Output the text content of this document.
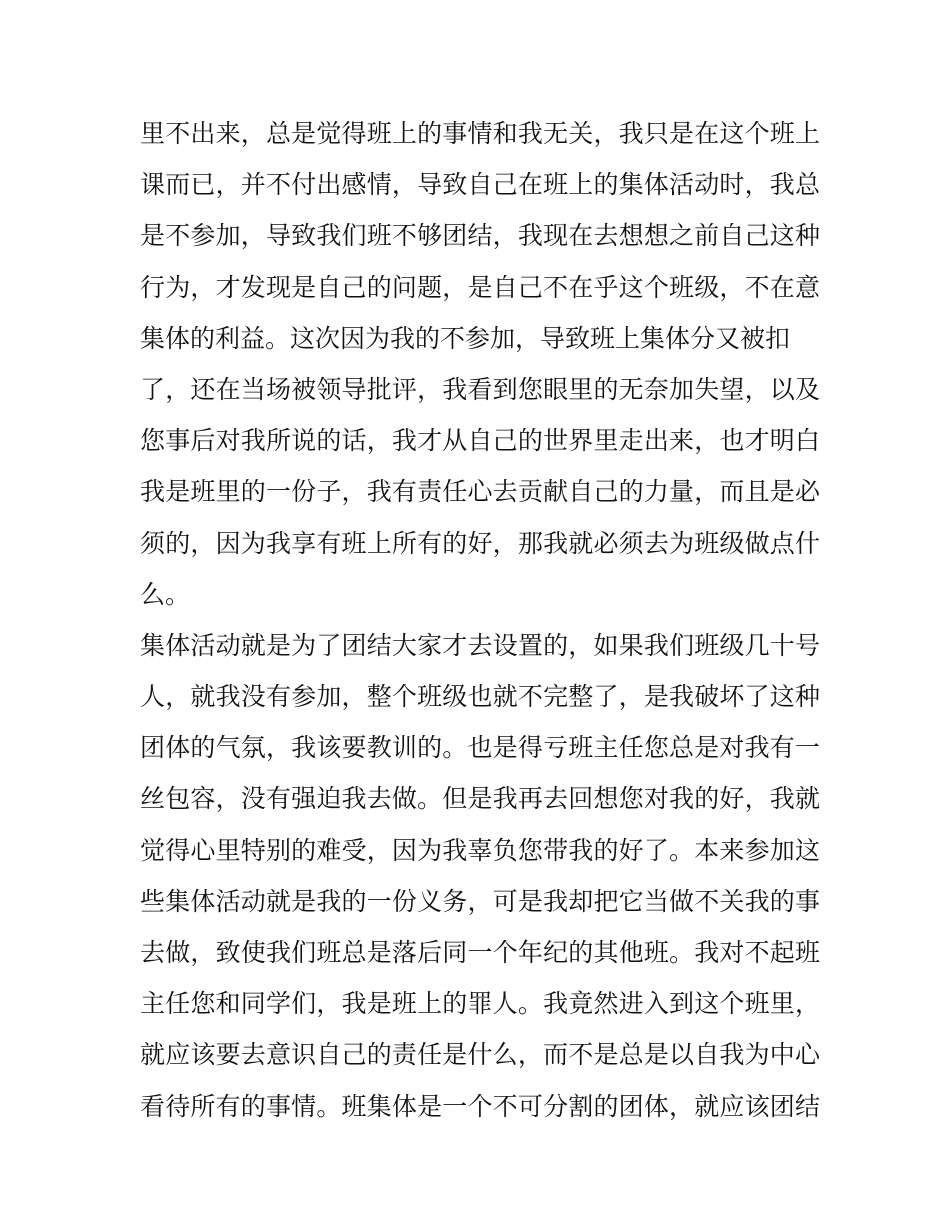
里不出来，总是觉得班上的事情和我无关，我只是在这个班上
课而已，并不付出感情，导致自己在班上的集体活动时，我总
是不参加，导致我们班不够团结，我现在去想想之前自己这种
行为，才发现是自己的问题，是自己不在乎这个班级，不在意
集体的利益。这次因为我的不参加，导致班上集体分又被扣
了，还在当场被领导批评，我看到您眼里的无奈加失望，以及
您事后对我所说的话，我才从自己的世界里走出来，也才明白
我是班里的一份子，我有责任心去贡献自己的力量，而且是必
须的，因为我享有班上所有的好，那我就必须去为班级做点什
么。
集体活动就是为了团结大家才去设置的，如果我们班级几十号
人，就我没有参加，整个班级也就不完整了，是我破坏了这种
团体的气氛，我该要教训的。也是得亏班主任您总是对我有一
丝包容，没有强迫我去做。但是我再去回想您对我的好，我就
觉得心里特别的难受，因为我辜负您带我的好了。本来参加这
些集体活动就是我的一份义务，可是我却把它当做不关我的事
去做，致使我们班总是落后同一个年纪的其他班。我对不起班
主任您和同学们，我是班上的罪人。我竟然进入到这个班里，
就应该要去意识自己的责任是什么，而不是总是以自我为中心
看待所有的事情。班集体是一个不可分割的团体，就应该团结
